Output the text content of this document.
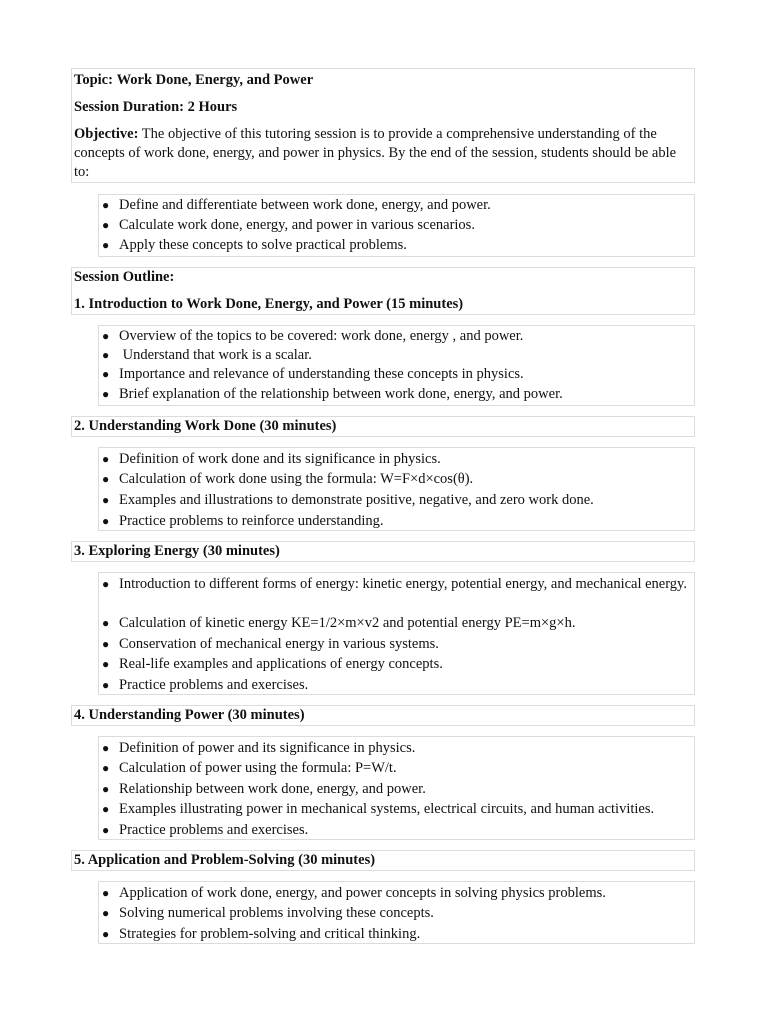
Topic: Work Done, Energy, and Power
Session Duration: 2 Hours
Objective: The objective of this tutoring session is to provide a comprehensive understanding of the concepts of work done, energy, and power in physics. By the end of the session, students should be able to:
● Define and differentiate between work done, energy, and power.
● Calculate work done, energy, and power in various scenarios.
● Apply these concepts to solve practical problems.
Session Outline:
1. Introduction to Work Done, Energy, and Power (15 minutes)
● Overview of the topics to be covered: work done, energy , and power.
● Understand that work is a scalar.
● Importance and relevance of understanding these concepts in physics.
● Brief explanation of the relationship between work done, energy, and power.
2. Understanding Work Done (30 minutes)
● Definition of work done and its significance in physics.
● Calculation of work done using the formula: W=F×d×cos(θ).
● Examples and illustrations to demonstrate positive, negative, and zero work done.
● Practice problems to reinforce understanding.
3. Exploring Energy (30 minutes)
● Introduction to different forms of energy: kinetic energy, potential energy, and mechanical energy.
● Calculation of kinetic energy KE=1/2×m×v2 and potential energy PE=m×g×h.
● Conservation of mechanical energy in various systems.
● Real-life examples and applications of energy concepts.
● Practice problems and exercises.
4. Understanding Power (30 minutes)
● Definition of power and its significance in physics.
● Calculation of power using the formula: P=W/t.
● Relationship between work done, energy, and power.
● Examples illustrating power in mechanical systems, electrical circuits, and human activities.
● Practice problems and exercises.
5. Application and Problem-Solving (30 minutes)
● Application of work done, energy, and power concepts in solving physics problems.
● Solving numerical problems involving these concepts.
● Strategies for problem-solving and critical thinking.
